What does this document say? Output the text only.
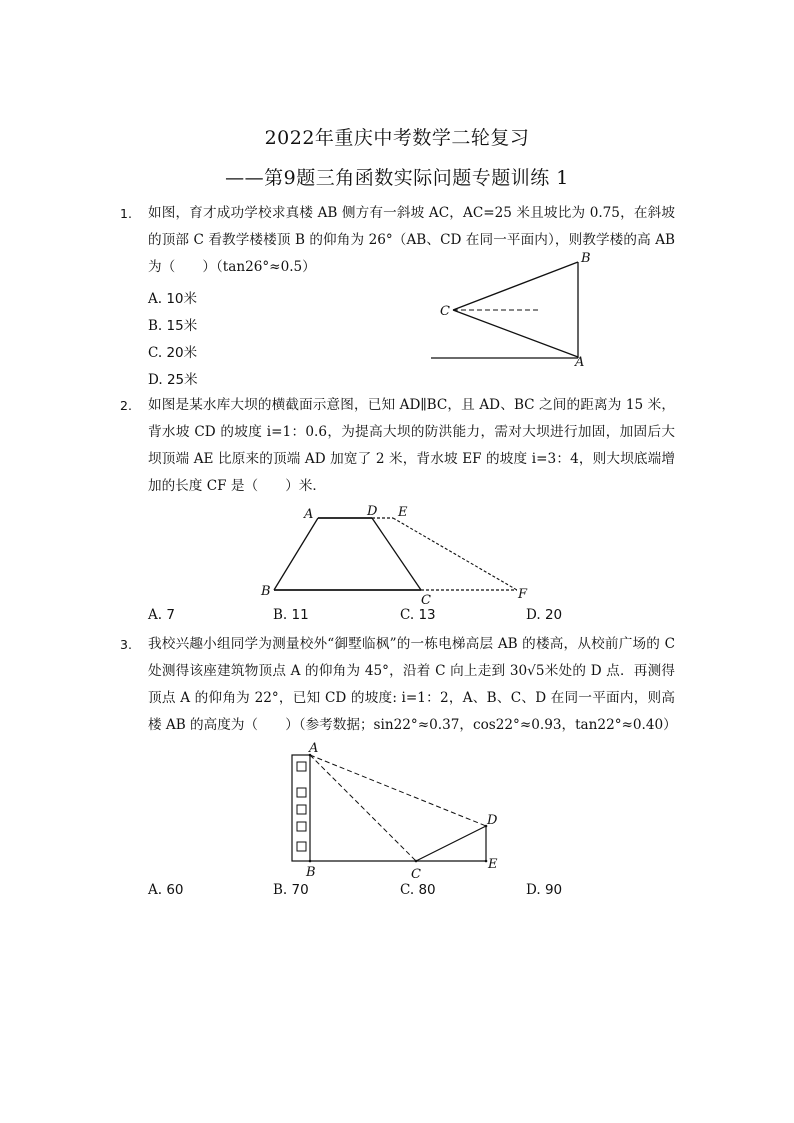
2022年重庆中考数学二轮复习
——第9题三角函数实际问题专题训练 1
1.	如图，育才成功学校求真楼 AB 侧方有一斜坡 AC，AC=25 米且坡比为 0.75，在斜坡的顶部 C 看教学楼楼顶 B 的仰角为 26°（AB、CD 在同一平面内），则教学楼的高 AB 为（　　）（tan26°≈0.5）
A. 10米
B. 15米
C. 20米
D. 25米
B
C
A
A	D E
B
C	F
A
B	C
D
E
2.	如图是某水库大坝的横截面示意图，已知 AD∥BC，且 AD、BC 之间的距离为 15 米，背水坡 CD 的坡度 i=1：0.6，为提高大坝的防洪能力，需对大坝进行加固，加固后大坝顶端 AE 比原来的顶端 AD 加宽了 2 米，背水坡 EF 的坡度 i=3：4，则大坝底端增加的长度 CF 是（　　）米．
A. 7	B. 11	C. 13	D. 20
3.	我校兴趣小组同学为测量校外“御墅临枫”的一栋电梯高层 AB 的楼高，从校前广场的 C 处测得该座建筑物顶点 A 的仰角为 45°，沿着 C 向上走到 30√5米处的 D 点．再测得顶点 A 的仰角为 22°，已知 CD 的坡度: i=1：2，A、B、C、D 在同一平面内，则高楼 AB 的高度为（　　）（参考数据；sin22°≈0.37，cos22°≈0.93，tan22°≈0.40）
A. 60	B. 70	C. 80	D. 90
